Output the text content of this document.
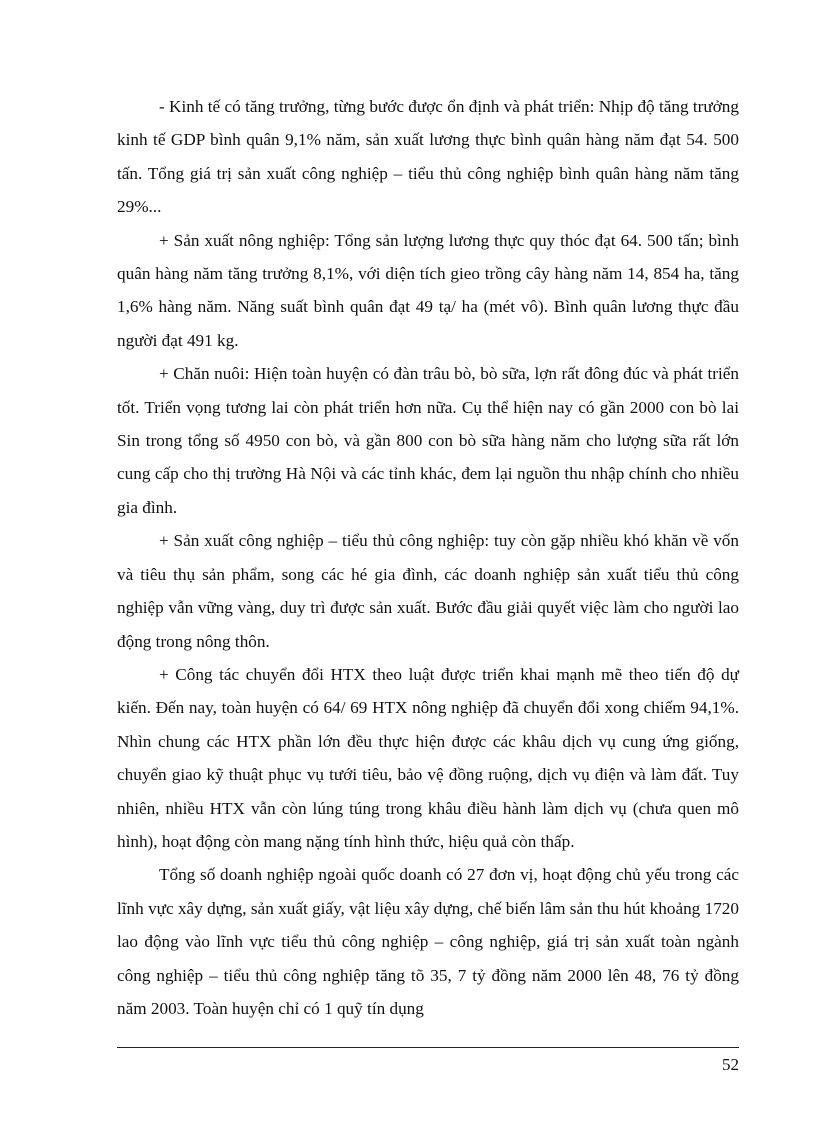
- Kinh tế có tăng trưởng, từng bước được ổn định và phát triển: Nhịp độ tăng trưởng kinh tế GDP bình quân 9,1% năm, sản xuất lương thực bình quân hàng năm đạt 54. 500 tấn. Tổng giá trị sản xuất công nghiệp – tiểu thủ công nghiệp bình quân hàng năm tăng 29%...

+ Sản xuất nông nghiệp: Tổng sản lượng lương thực quy thóc đạt 64. 500 tấn; bình quân hàng năm tăng trưởng 8,1%, với diện tích gieo trồng cây hàng năm 14, 854 ha, tăng 1,6% hàng năm. Năng suất bình quân đạt 49 tạ/ ha (mét vô). Bình quân lương thực đầu người đạt 491 kg.

+ Chăn nuôi: Hiện toàn huyện có đàn trâu bò, bò sữa, lợn rất đông đúc và phát triển tốt. Triển vọng tương lai còn phát triển hơn nữa. Cụ thể hiện nay có gần 2000 con bò lai Sin trong tổng số 4950 con bò, và gần 800 con bò sữa hàng năm cho lượng sữa rất lớn cung cấp cho thị trường Hà Nội và các tỉnh khác, đem lại nguồn thu nhập chính cho nhiều gia đình.

+ Sản xuất công nghiệp – tiểu thủ công nghiệp: tuy còn gặp nhiều khó khăn về vốn và tiêu thụ sản phẩm, song các hé gia đình, các doanh nghiệp sản xuất tiểu thủ công nghiệp vẫn vững vàng, duy trì được sản xuất. Bước đầu giải quyết việc làm cho người lao động trong nông thôn.

+ Công tác chuyển đổi HTX theo luật được triển khai mạnh mẽ theo tiến độ dự kiến. Đến nay, toàn huyện có 64/ 69 HTX nông nghiệp đã chuyển đổi xong chiếm 94,1%. Nhìn chung các HTX phần lớn đều thực hiện được các khâu dịch vụ cung ứng giống, chuyển giao kỹ thuật phục vụ tưới tiêu, bảo vệ đồng ruộng, dịch vụ điện và làm đất. Tuy nhiên, nhiều HTX vẫn còn lúng túng trong khâu điều hành làm dịch vụ (chưa quen mô hình), hoạt động còn mang nặng tính hình thức, hiệu quả còn thấp.

Tổng số doanh nghiệp ngoài quốc doanh có 27 đơn vị, hoạt động chủ yếu trong các lĩnh vực xây dựng, sản xuất giấy, vật liệu xây dựng, chế biến lâm sản thu hút khoảng 1720 lao động vào lĩnh vực tiểu thủ công nghiệp – công nghiệp, giá trị sản xuất toàn ngành công nghiệp – tiểu thủ công nghiệp tăng tõ 35, 7 tỷ đồng năm 2000 lên 48, 76 tỷ đồng năm 2003. Toàn huyện chỉ có 1 quỹ tín dụng

52
